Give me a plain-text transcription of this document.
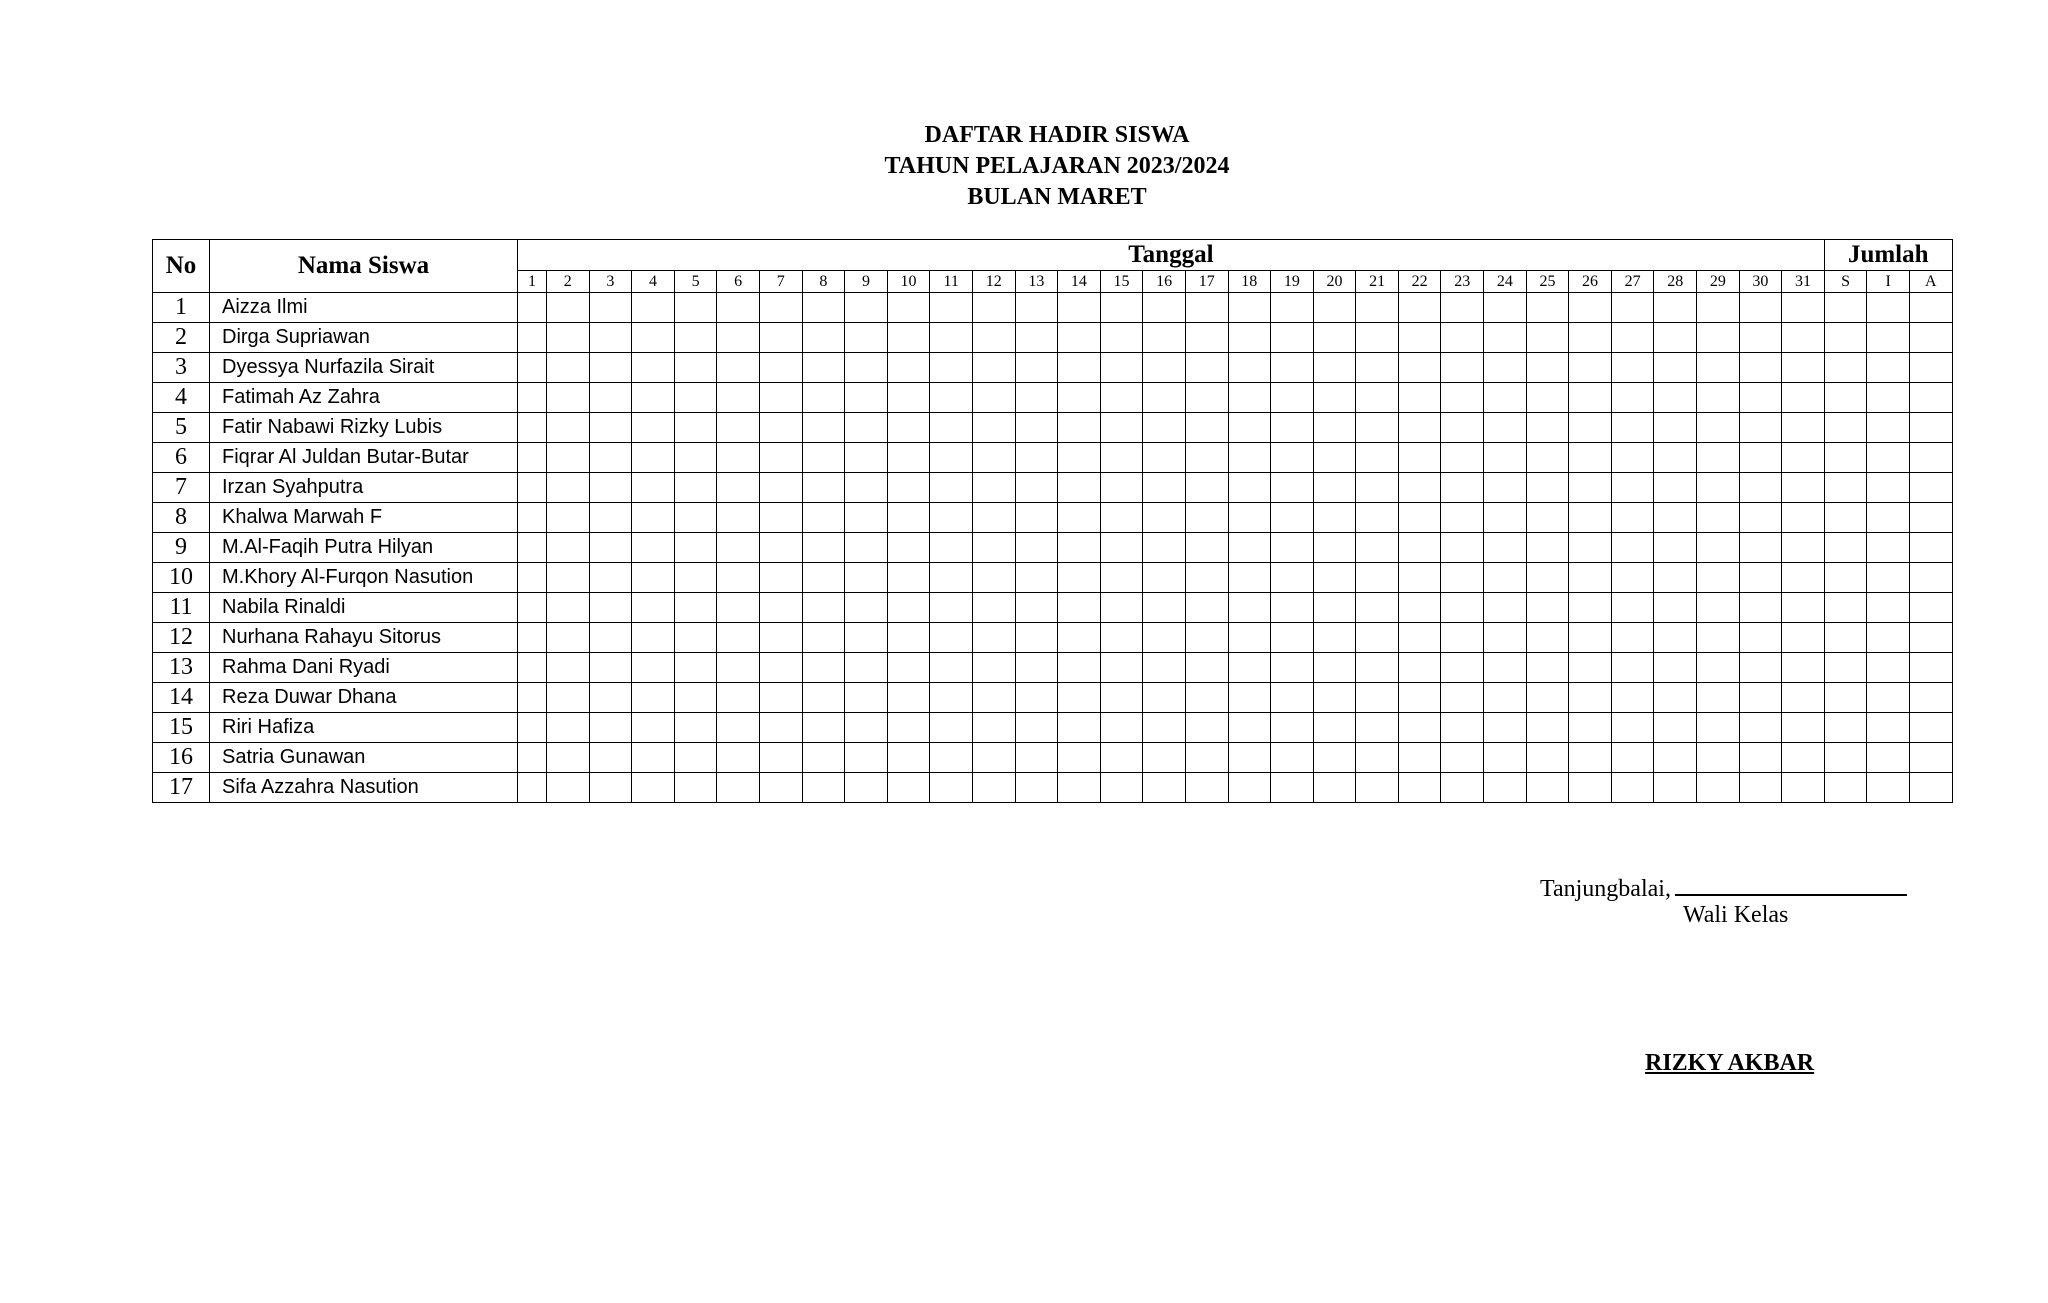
DAFTAR HADIR SISWA
TAHUN PELAJARAN 2023/2024
BULAN MARET
No	Nama Siswa	Tanggal																															Jumlah		
		1	2	3	4	5	6	7	8	9	10	11	12	13	14	15	16	17	18	19	20	21	22	23	24	25	26	27	28	29	30	31	S	I	A
1	Aizza Ilmi																																		
2	Dirga Supriawan																																		
3	Dyessya Nurfazila Sirait																																		
4	Fatimah Az Zahra																																		
5	Fatir Nabawi Rizky Lubis																																		
6	Fiqrar Al Juldan Butar-Butar																																		
7	Irzan Syahputra																																		
8	Khalwa Marwah F																																		
9	M.Al-Faqih Putra Hilyan																																		
10	M.Khory Al-Furqon Nasution																																		
11	Nabila Rinaldi																																		
12	Nurhana Rahayu Sitorus																																		
13	Rahma Dani Ryadi																																		
14	Reza Duwar Dhana																																		
15	Riri Hafiza																																		
16	Satria Gunawan																																		
17	Sifa Azzahra Nasution																																		
Tanjungbalai,
Wali Kelas
RIZKY AKBAR
